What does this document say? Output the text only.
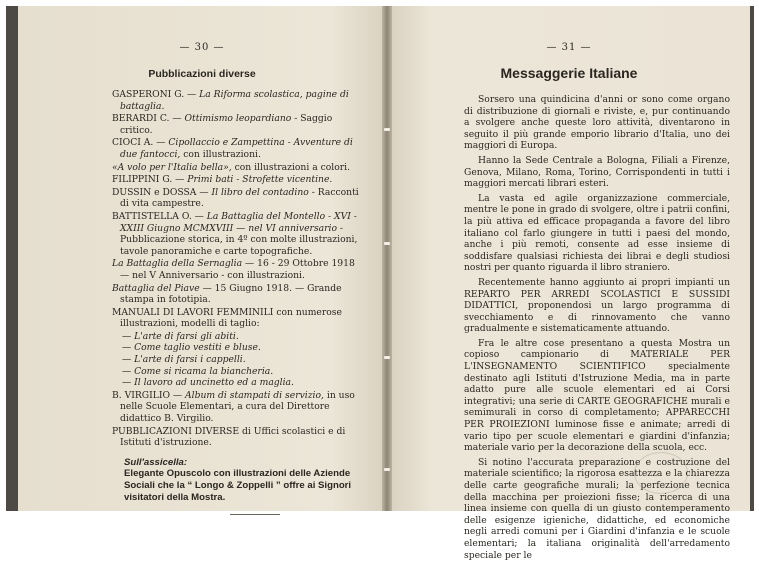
— 30 —
Pubblicazioni diverse
GASPERONI G. — La Riforma scolastica, pagine di battaglia.
BERARDI C. — Ottimismo leopardiano - Saggio critico.
CIOCI A. — Cipollaccio e Zampettina - Avventure di due fantocci, con illustrazioni.
«A volo per l'Italia bella», con illustrazioni a colori.
FILIPPINI G. — Primi bati - Strofette vicentine.
DUSSIN e DOSSA — Il libro del contadino - Racconti di vita campestre.
BATTISTELLA O. — La Battaglia del Montello - XVI - XXIII Giugno MCMXVIII — nel VI anniversario - Pubblicazione storica, in 4º con molte illustrazioni, tavole panoramiche e carte topografiche.
La Battaglia della Sernaglia — 16 - 29 Ottobre 1918 — nel V Anniversario - con illustrazioni.
Battaglia del Piave — 15 Giugno 1918. — Grande stampa in fototipia.
MANUALI DI LAVORI FEMMINILI con numerose illustrazioni, modelli di taglio:
— L'arte di farsi gli abiti.
— Come taglio vestiti e bluse.
— L'arte di farsi i cappelli.
— Come si ricama la biancheria.
— Il lavoro ad uncinetto ed a maglia.
B. VIRGILIO — Album di stampati di servizio, in uso nelle Scuole Elementari, a cura del Direttore didattico B. Virgilio.
PUBBLICAZIONI DIVERSE di Uffici scolastici e di Istituti d'istruzione.
Sull'assicella:
Elegante Opuscolo con illustrazioni delle Aziende Sociali che la “ Longo & Zoppelli ” offre ai Signori visitatori della Mostra.
— 31 —
Messaggerie Italiane

Sorsero una quindicina d'anni or sono come organo di distribuzione di giornali e riviste, e, pur continuando a svolgere anche queste loro attività, diventarono in seguito il più grande emporio librario d'Italia, uno dei maggiori di Europa.

Hanno la Sede Centrale a Bologna, Filiali a Firenze, Genova, Milano, Roma, Torino, Corrispondenti in tutti i maggiori mercati librari esteri.

La vasta ed agile organizzazione commerciale, mentre le pone in grado di svolgere, oltre i patrii confini, la più attiva ed efficace propaganda a favore del libro italiano col farlo giungere in tutti i paesi del mondo, anche i più remoti, consente ad esse insieme di soddisfare qualsiasi richiesta dei librai e degli studiosi nostri per quanto riguarda il libro straniero.

Recentemente hanno aggiunto ai propri impianti un REPARTO PER ARREDI SCOLASTICI E SUSSIDI DIDATTICI, proponendosi un largo programma di svecchiamento e di rinnovamento che vanno gradualmente e sistematicamente attuando.

Fra le altre cose presentano a questa Mostra un copioso campionario di MATERIALE PER L'INSEGNAMENTO SCIENTIFICO specialmente destinato agli Istituti d'Istruzione Media, ma in parte adatto pure alle scuole elementari ed ai Corsi integrativi; una serie di CARTE GEOGRAFICHE murali e semimurali in corso di completamento; APPARECCHI PER PROIEZIONI luminose fisse e animate; arredi di vario tipo per scuole elementari e giardini d'infanzia; materiale vario per la decorazione della scuola, ecc.

Si notino l'accurata preparazione e costruzione del materiale scientifico; la rigorosa esattezza e la chiarezza delle carte geografiche murali; la perfezione tecnica della macchina per proiezioni fisse; la ricerca di una linea insieme con quella di un giusto contemperamento delle esigenze igieniche, didattiche, ed economiche negli arredi comuni per i Giardini d'infanzia e le scuole elementari; la italiana originalità dell'arredamento speciale per le
